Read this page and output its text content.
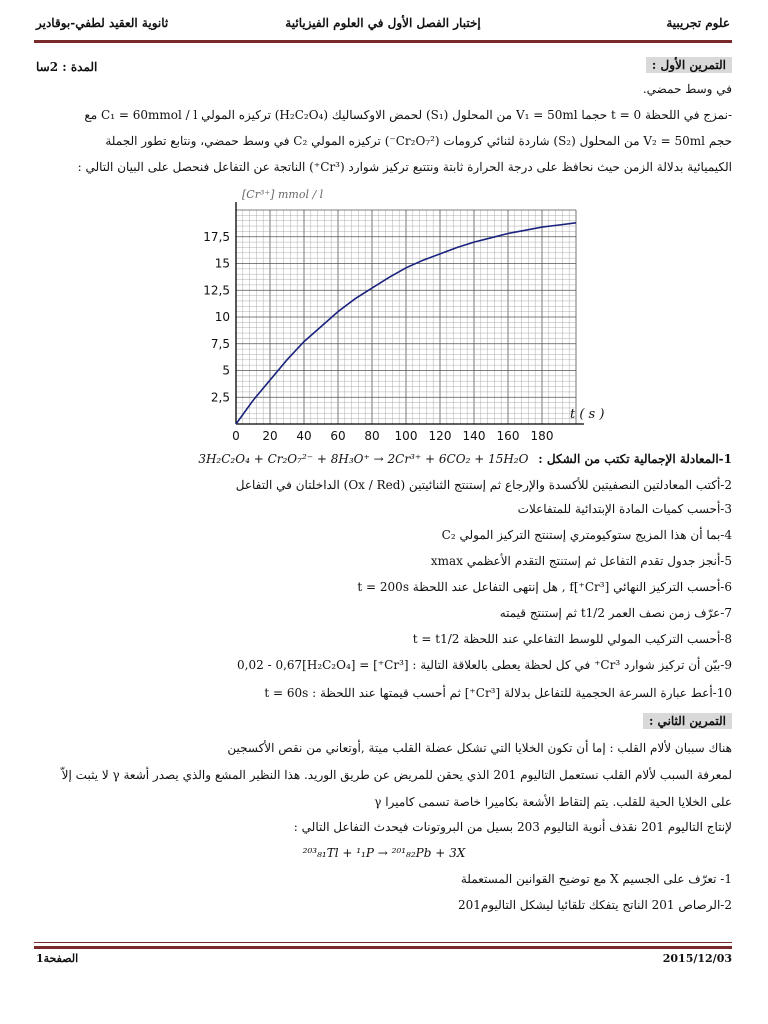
علوم تجريبية
إختبار الفصل الأول في العلوم الفيزيائية
ثانوية العقيد لطفي-بوقادير
التمرين الأول :
المدة : 2سا
في وسط حمضي.
-نمزج في اللحظة t = 0 حجما V₁ = 50ml من المحلول (S₁) لحمض الاوكساليك (H₂C₂O₄) تركيزه المولي C₁ = 60mmol / l مع
حجم V₂ = 50ml من المحلول (S₂) شاردة لثنائي كرومات (Cr₂O₇²⁻) تركيزه المولي C₂ في وسط حمضي، ونتابع تطور الجملة
الكيميائية بدلالة الزمن حيث نحافظ على درجة الحرارة ثابتة ونتتبع تركيز شوارد (Cr³⁺) الناتجة عن التفاعل فنحصل على البيان التالي :
2,5
5
7,5
10
12,5
15
17,5
0 20 40 60 80 100 120 140 160 180
[Cr³⁺] mmol / l
t ( s )
1-المعادلة الإجمالية تكتب من الشكل : 3H₂C₂O₄ + Cr₂O₇²⁻ + 8H₃O⁺ → 2Cr³⁺ + 6CO₂ + 15H₂O
2-أكتب المعادلتين النصفيتين للأكسدة والإرجاع ثم إستنتج الثنائيتين (Ox / Red) الداخلتان في التفاعل
3-أحسب كميات المادة الإبتدائية للمتفاعلات
4-بما أن هذا المزيج ستوكيومتري إستنتج التركيز المولي C₂
5-أنجز جدول تقدم التفاعل ثم إستنتج التقدم الأعظمي xmax
6-أحسب التركيز النهائي [Cr³⁺]f , هل إنتهى التفاعل عند اللحظة t = 200s
7-عرّف زمن نصف العمر t1/2 ثم إستنتج قيمته
8-أحسب التركيب المولي للوسط التفاعلي عند اللحظة t = t1/2
9-بيّن أن تركيز شوارد Cr³⁺ في كل لحظة يعطى بالعلاقة التالية : [Cr³⁺] = 0,02 - 0,67[H₂C₂O₄]
10-أعط عبارة السرعة الحجمية للتفاعل بدلالة [Cr³⁺] ثم أحسب قيمتها عند اللحظة : t = 60s
التمرين الثاني :
هناك سببان لألام القلب : إما أن تكون الخلايا التي تشكل عضلة القلب ميتة ,أوتعاني من نقص الأكسجين
لمعرفة السبب لألام القلب نستعمل التاليوم 201 الذي يحقن للمريض عن طريق الوريد. هذا النظير المشع والذي يصدر أشعة γ لا يثبت إلاّ
على الخلايا الحية للقلب. يتم إلتقاط الأشعة بكاميرا خاصة تسمى كاميرا γ
لإنتاج التاليوم 201 نقذف أنوية التاليوم 203 بسيل من البروتونات فيحدث التفاعل التالي :
²⁰³₈₁Tl + ¹₁P → ²⁰¹₈₂Pb + 3X
1- تعرّف على الجسيم X مع توضيح القوانين المستعملة
2-الرصاص 201 الناتج يتفكك تلقائيا ليشكل التاليوم201
الصفحة1	2015/12/03
